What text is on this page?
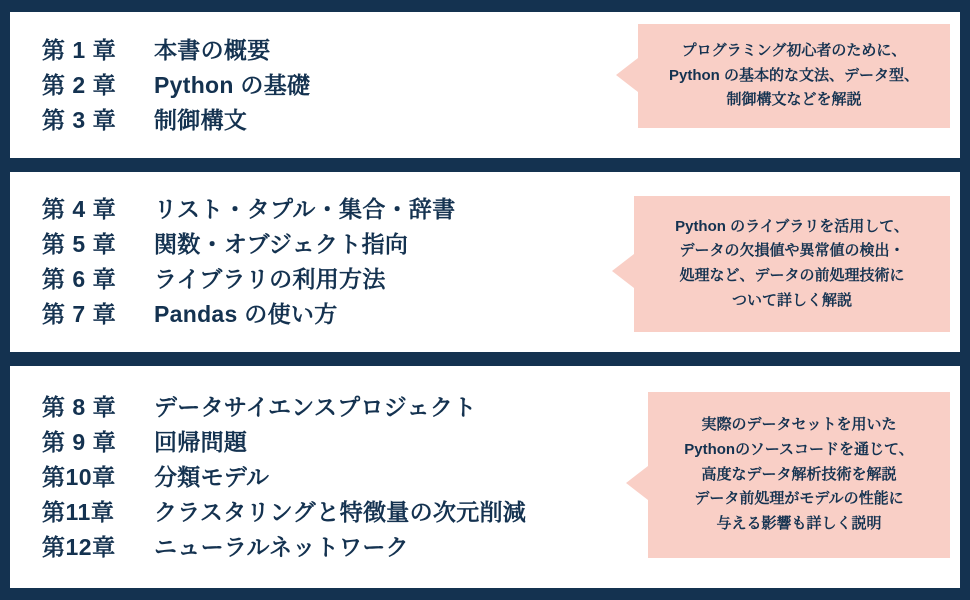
第 1 章	本書の概要
第 2 章	Python の基礎
第 3 章	制御構文
プログラミング初心者のために、
Python の基本的な文法、データ型、
制御構文などを解説
第 4 章	リスト・タプル・集合・辞書
第 5 章	関数・オブジェクト指向
第 6 章	ライブラリの利用方法
第 7 章	Pandas の使い方
Python のライブラリを活用して、
データの欠損値や異常値の検出・
処理など、データの前処理技術に
ついて詳しく解説
第 8 章	データサイエンスプロジェクト
第 9 章	回帰問題
第10章	分類モデル
第11章	クラスタリングと特徴量の次元削減
第12章	ニューラルネットワーク
実際のデータセットを用いた
Pythonのソースコードを通じて、
高度なデータ解析技術を解説
データ前処理がモデルの性能に
与える影響も詳しく説明
